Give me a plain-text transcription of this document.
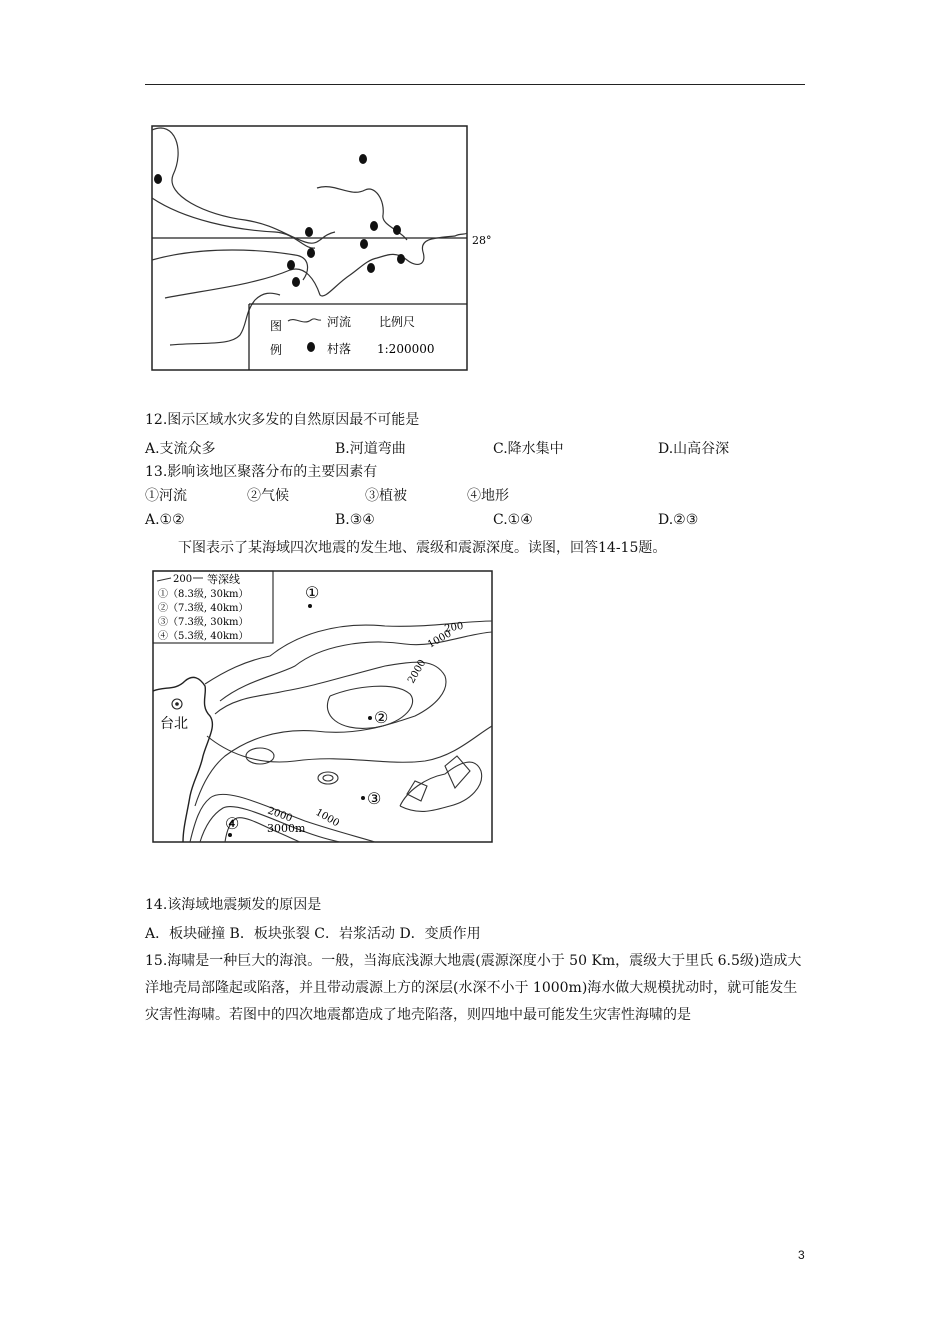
28°
图
例
河流 比例尺
村落 1:200000
12.图示区域水灾多发的自然原因最不可能是
A.支流众多	B.河道弯曲	C.降水集中	D.山高谷深
13.影响该地区聚落分布的主要因素有
①河流	②气候	③植被	④地形
A.①②	B.③④	C.①④	D.②③
下图表示了某海域四次地震的发生地、震级和震源深度。读图，回答14-15题。
200 等深线
①（8.3级, 30km）
②（7.3级, 40km）
③（7.3级, 30km）
④（5.3级, 40km）
200
1000
2000
2000 1000
3000m
台北
①
②
③
④
14.该海域地震频发的原因是
A．板块碰撞 B．板块张裂 C．岩浆活动 D．变质作用
15.海啸是一种巨大的海浪。一般，当海底浅源大地震(震源深度小于 50 Km，震级大于里氏 6.5级)造成大洋地壳局部隆起或陷落，并且带动震源上方的深层(水深不小于 1000m)海水做大规模扰动时，就可能发生灾害性海啸。若图中的四次地震都造成了地壳陷落，则四地中最可能发生灾害性海啸的是
3
